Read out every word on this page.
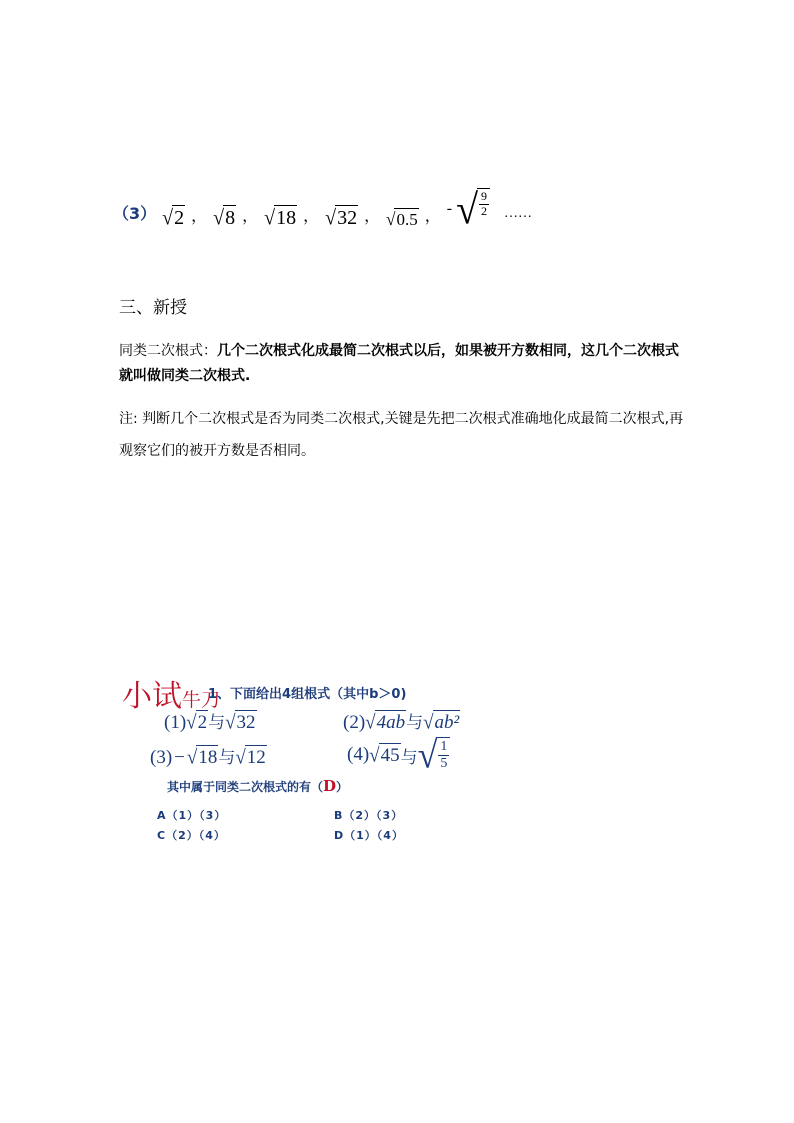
（3） √2 ， √8 ， √18 ， √32 ， √0.5 ， - √ $\frac{9}{2}$ ……
三、新授
同类二次根式：几个二次根式化成最简二次根式以后，如果被开方数相同，这几个二次根式就叫做同类二次根式.
注: 判断几个二次根式是否为同类二次根式,关键是先把二次根式准确地化成最简二次根式,再观察它们的被开方数是否相同。
小试牛刀
1、下面给出4组根式（其中b＞0)
(1)√2与√32	(2)√4ab与√ab²
(3) − √18与√12	(4) √45 与 √ $\frac{1}{5}$
其中属于同类二次根式的有（D）
A（1）（3）	B（2）（3）
C（2）（4）	D（1）（4）
